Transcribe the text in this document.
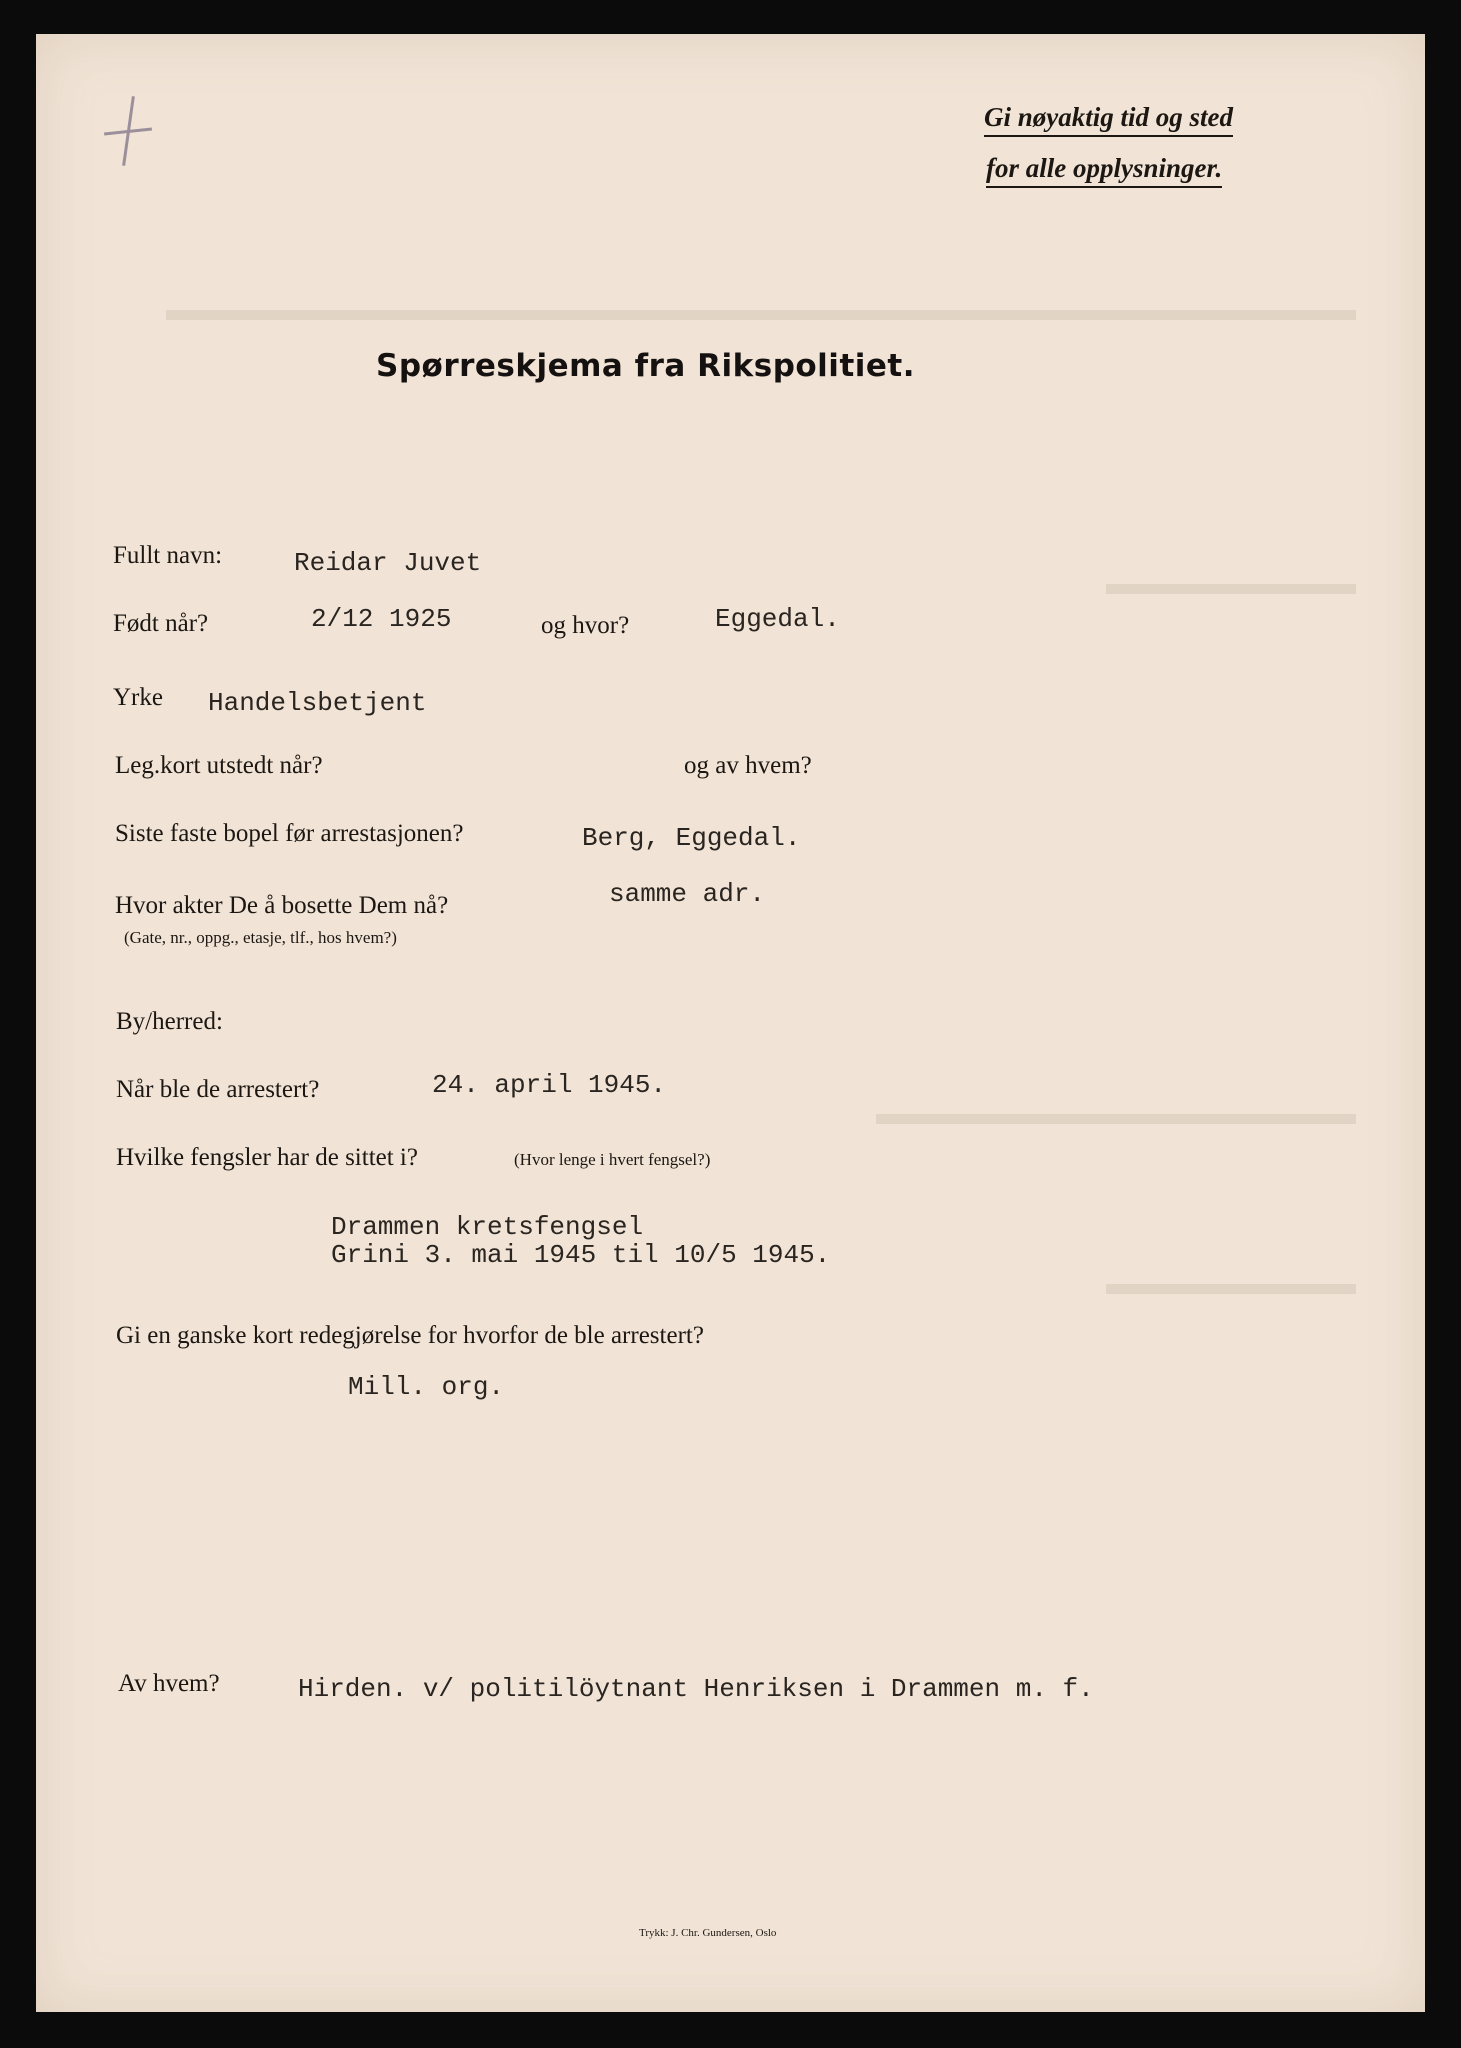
Gi nøyaktig tid og sted
for alle opplysninger.
Spørreskjema fra Rikspolitiet.
Fullt navn:	Reidar Juvet
Født når?	2/12 1925	og hvor?	Eggedal.
Yrke Handelsbetjent
Leg.kort utstedt når?	og av hvem?
Siste faste bopel før arrestasjonen?	Berg, Eggedal.
Hvor akter De å bosette Dem nå?	samme adr.
(Gate, nr., oppg., etasje, tlf., hos hvem?)
By/herred:
Når ble de arrestert?	24. april 1945.
Hvilke fengsler har de sittet i?	(Hvor lenge i hvert fengsel?)
Drammen kretsfengsel
Grini 3. mai 1945 til 10/5 1945.
Gi en ganske kort redegjørelse for hvorfor de ble arrestert?
Mill. org.
Av hvem?	Hirden. v/ politilöytnant Henriksen i Drammen m. f.
Trykk: J. Chr. Gundersen, Oslo
